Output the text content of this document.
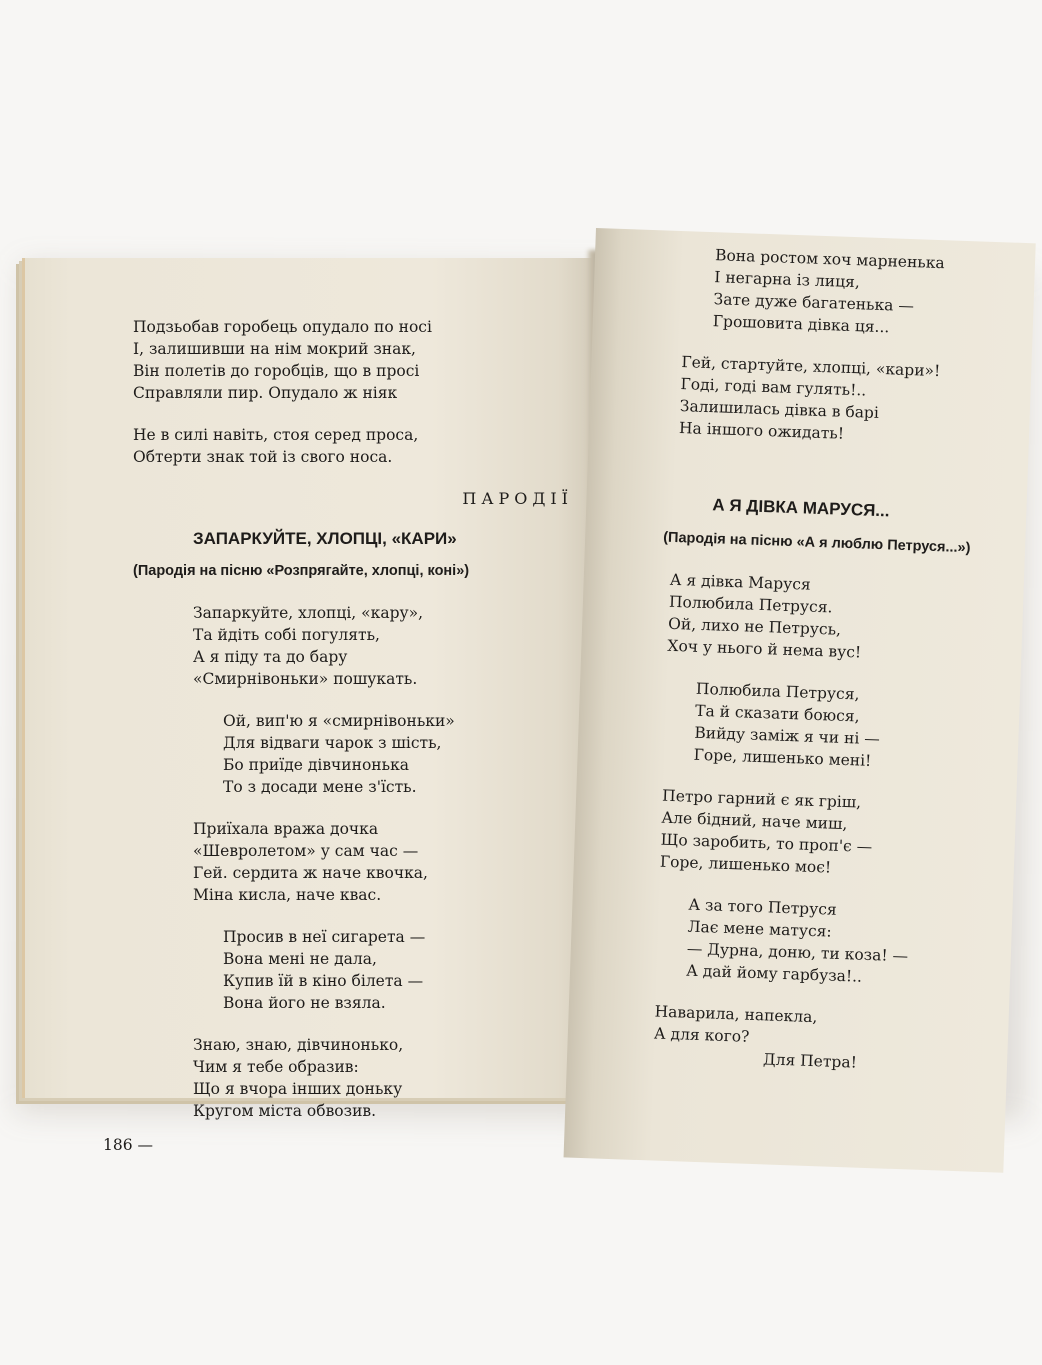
Подзьобав горобець опудало по носі
І, залишивши на нім мокрий знак,
Він полетів до горобців, що в просі
Справляли пир. Опудало ж ніяк
Не в силі навіть, стоя серед проса,
Обтерти знак той із свого носа.
ПАРОДІЇ
ЗАПАРКУЙТЕ, ХЛОПЦІ, «КАРИ»
(Пародія на пісню «Розпрягайте, хлопці, коні»)
Запаркуйте, хлопці, «кару»,
Та йдіть собі погулять,
А я піду та до бару
«Смирнівоньки» пошукать.
Ой, вип'ю я «смирнівоньки»
Для відваги чарок з шість,
Бо приїде дівчинонька
То з досади мене з'їсть.
Приїхала вража дочка
«Шевролетом» у сам час —
Гей. сердита ж наче квочка,
Міна кисла, наче квас.
Просив в неї сигарета —
Вона мені не дала,
Купив їй в кіно білета —
Вона його не взяла.
Знаю, знаю, дівчинонько,
Чим я тебе образив:
Що я вчора інших доньку
Кругом міста обвозив.
186 —
Вона ростом хоч марненька
І негарна із лиця,
Зате дуже багатенька —
Грошовита дівка ця...
Гей, стартуйте, хлопці, «кари»!
Годі, годі вам гулять!..
Залишилась дівка в барі
На іншого ожидать!
А Я ДІВКА МАРУСЯ...
(Пародія на пісню «А я люблю Петруся...»)
А я дівка Маруся
Полюбила Петруся.
Ой, лихо не Петрусь,
Хоч у нього й нема вус!
Полюбила Петруся,
Та й сказати боюся,
Вийду заміж я чи ні —
Горе, лишенько мені!
Петро гарний є як гріш,
Але бідний, наче миш,
Що заробить, то проп'є —
Горе, лишенько моє!
А за того Петруся
Лає мене матуся:
— Дурна, доню, ти коза! —
А дай йому гарбуза!..
Наварила, напекла,
А для кого?
Для Петра!
